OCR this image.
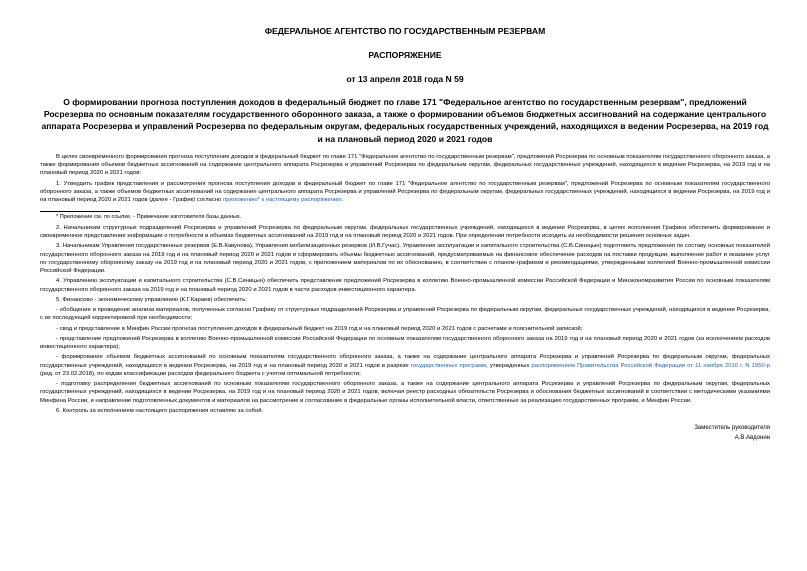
ФЕДЕРАЛЬНОЕ АГЕНТСТВО ПО ГОСУДАРСТВЕННЫМ РЕЗЕРВАМ
РАСПОРЯЖЕНИЕ
от 13 апреля 2018 года N 59
О формировании прогноза поступления доходов в федеральный бюджет по главе 171 "Федеральное агентство по государственным резервам", предложений Росрезерва по основным показателям государственного оборонного заказа, а также о формировании объемов бюджетных ассигнований на содержание центрального аппарата Росрезерва и управлений Росрезерва по федеральным округам, федеральных государственных учреждений, находящихся в ведении Росрезерва, на 2019 год и на плановый период 2020 и 2021 годов

В целях своевременного формирования прогноза поступления доходов в федеральный бюджет по главе 171 "Федеральное агентство по государственным резервам", предложений Росрезерва по основным показателям государственного оборонного заказа, а также формирования объемов бюджетных ассигнований на содержание центрального аппарата Росрезерва и управлений Росрезерва по федеральным округам, федеральных государственных учреждений, находящихся в ведении Росрезерва, на 2019 год и на плановый период 2020 и 2021 годов:

1. Утвердить график представления и рассмотрения прогноза поступления доходов в федеральный бюджет по главе 171 "Федеральное агентство по государственным резервам", предложений Росрезерва по основным показателям государственного оборонного заказа, а также объемов бюджетных ассигнований на содержание центрального аппарата Росрезерва и управлений Росрезерва по федеральным округам, федеральных государственных учреждений, находящихся в ведении Росрезерва, на 2019 год и на плановый период 2020 и 2021 годов (далее - График) согласно приложению* к настоящему распоряжению.

* Приложение см. по ссылке. - Примечание изготовителя базы данных.

2. Начальникам структурных подразделений Росрезерва и управлений Росрезерва по федеральным округам, федеральных государственных учреждений, находящихся в ведении Росрезерва, в целях исполнения Графика обеспечить формирование и своевременное представление информации о потребности в объемах бюджетных ассигнований на 2019 год и на плановый период 2020 и 2021 годов. При определении потребности исходить из необходимости решения основных задач.

3. Начальникам Управления государственных резервов (Е.В.Кавунова), Управления мобилизационных резервов (И.В.Гучас), Управления эксплуатации и капитального строительства (С.В.Синицын) подготовить предложения по составу основных показателей государственного оборонного заказа на 2019 год и на плановый период 2020 и 2021 годов и сформировать объемы бюджетных ассигнований, предусматриваемых на финансовое обеспечение расходов на поставки продукции, выполнение работ и оказание услуг по государственному оборонному заказу на 2019 год и на плановый период 2020 и 2021 годов, с приложением материалов по их обоснованию, в соответствии с планом-графиком и рекомендациями, утвержденными коллегией Военно-промышленной комиссии Российской Федерации.

4. Управлению эксплуатации и капитального строительства (С.В.Синицын) обеспечить представление предложений Росрезерва в коллегию Военно-промышленной комиссии Российской Федерации и Минэкономразвития России по основным показателям государственного оборонного заказа на 2019 год и на плановый период 2020 и 2021 годов в части расходов инвестиционного характера.

5. Финансово - экономическому управлению (К.Г.Караев) обеспечить:

- обобщение и проведение анализа материалов, полученных согласно Графику от структурных подразделений Росрезерва и управлений Росрезерва по федеральным округам, федеральных государственных учреждений, находящихся в ведении Росрезерва, с их последующей корректировкой при необходимости;

- свод и представление в Минфин России прогноза поступления доходов в федеральный бюджет на 2019 год и на плановый период 2020 и 2021 годов с расчетами и пояснительной запиской;

- представление предложений Росрезерва в коллегию Военно-промышленной комиссии Российской Федерации по основным показателям государственного оборонного заказа на 2019 год и на плановый период 2020 и 2021 годов (за исключением расходов инвестиционного характера);

- формирование объемов бюджетных ассигнований по основным показателям государственного оборонного заказа, а также на содержание центрального аппарата Росрезерва и управлений Росрезерва по федеральным округам, федеральных государственных учреждений, находящихся в ведении Росрезерва, на 2019 год и на плановый период 2020 и 2021 годов в разрезе государственных программ, утвержденных распоряжением Правительства Российской Федерации от 11 ноября 2010 г. N 1950-р (ред. от 23.02.2018), по кодам классификации расходов федерального бюджета с учетом оптимальной потребности;

- подготовку распределения бюджетных ассигнований по основным показателям государственного оборонного заказа, а также на содержание центрального аппарата Росрезерва и управлений Росрезерва по федеральным округам, федеральных государственных учреждений, находящихся в ведении Росрезерва, на 2019 год и на плановый период 2020 и 2021 годов, включая реестр расходных обязательств Росрезерва и обоснования бюджетных ассигнований в соответствии с методическими указаниями Минфина России, и направление подготовленных документов и материалов на рассмотрение и согласование в федеральные органы исполнительной власти, ответственные за реализацию государственных программ, и Минфин России.

6. Контроль за исполнением настоящего распоряжения оставляю за собой.

Заместитель руководителя
А.В.Авдонин
